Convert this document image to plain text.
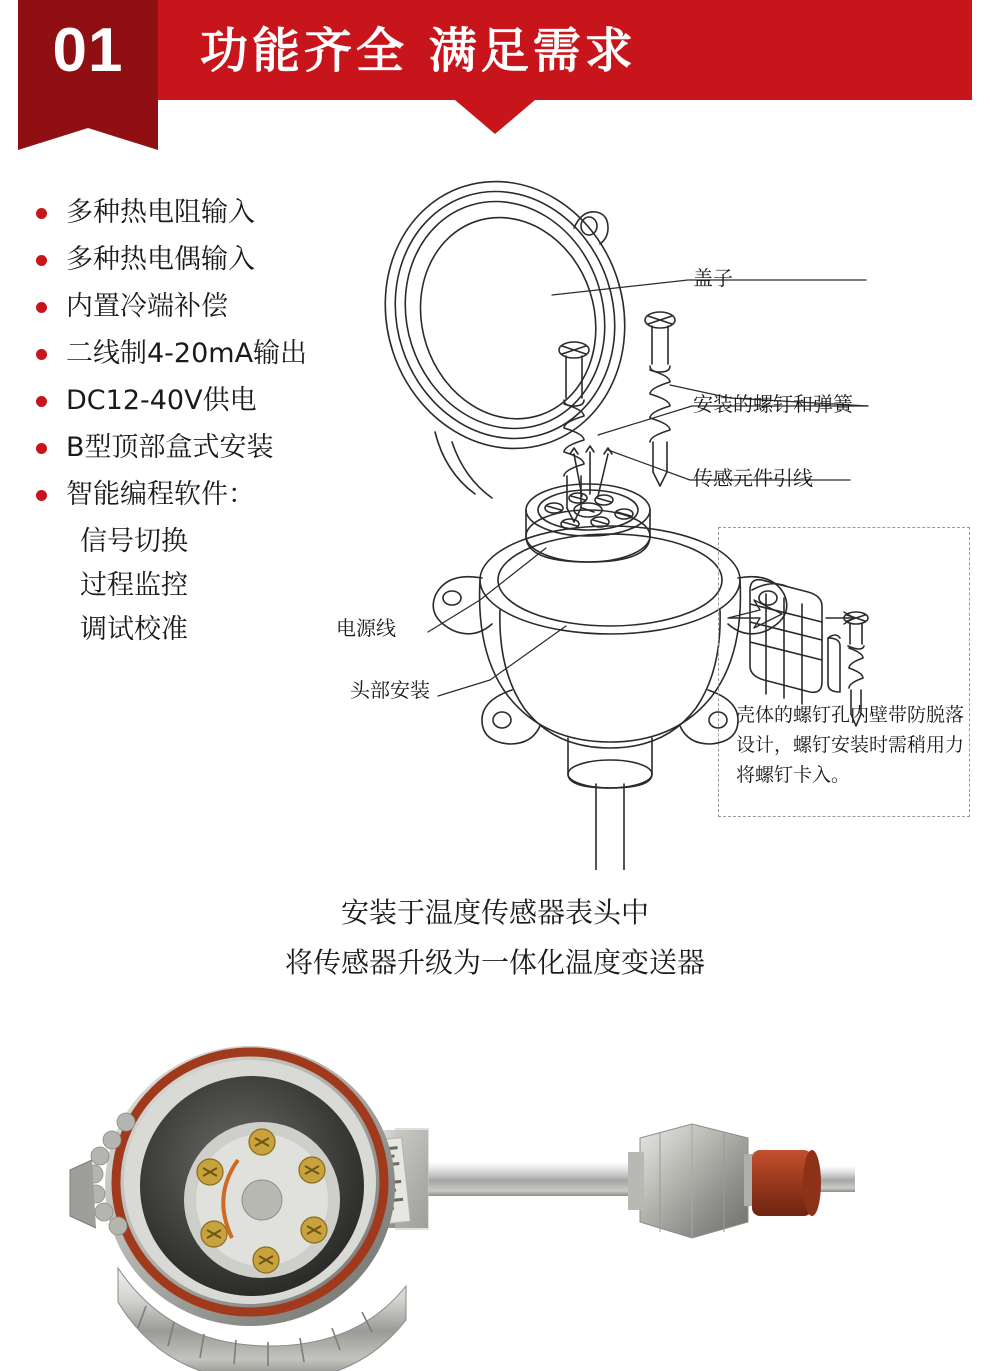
01	功能齐全 满足需求
多种热电阻输入
多种热电偶输入
内置冷端补偿
二线制4-20mA输出
DC12-40V供电
B型顶部盒式安装
智能编程软件：
信号切换
过程监控
调试校准
盖子
安装的螺钉和弹簧
传感元件引线
电源线
头部安装
壳体的螺钉孔内壁带防脱落设计，螺钉安装时需稍用力将螺钉卡入。
安装于温度传感器表头中
将传感器升级为一体化温度变送器
